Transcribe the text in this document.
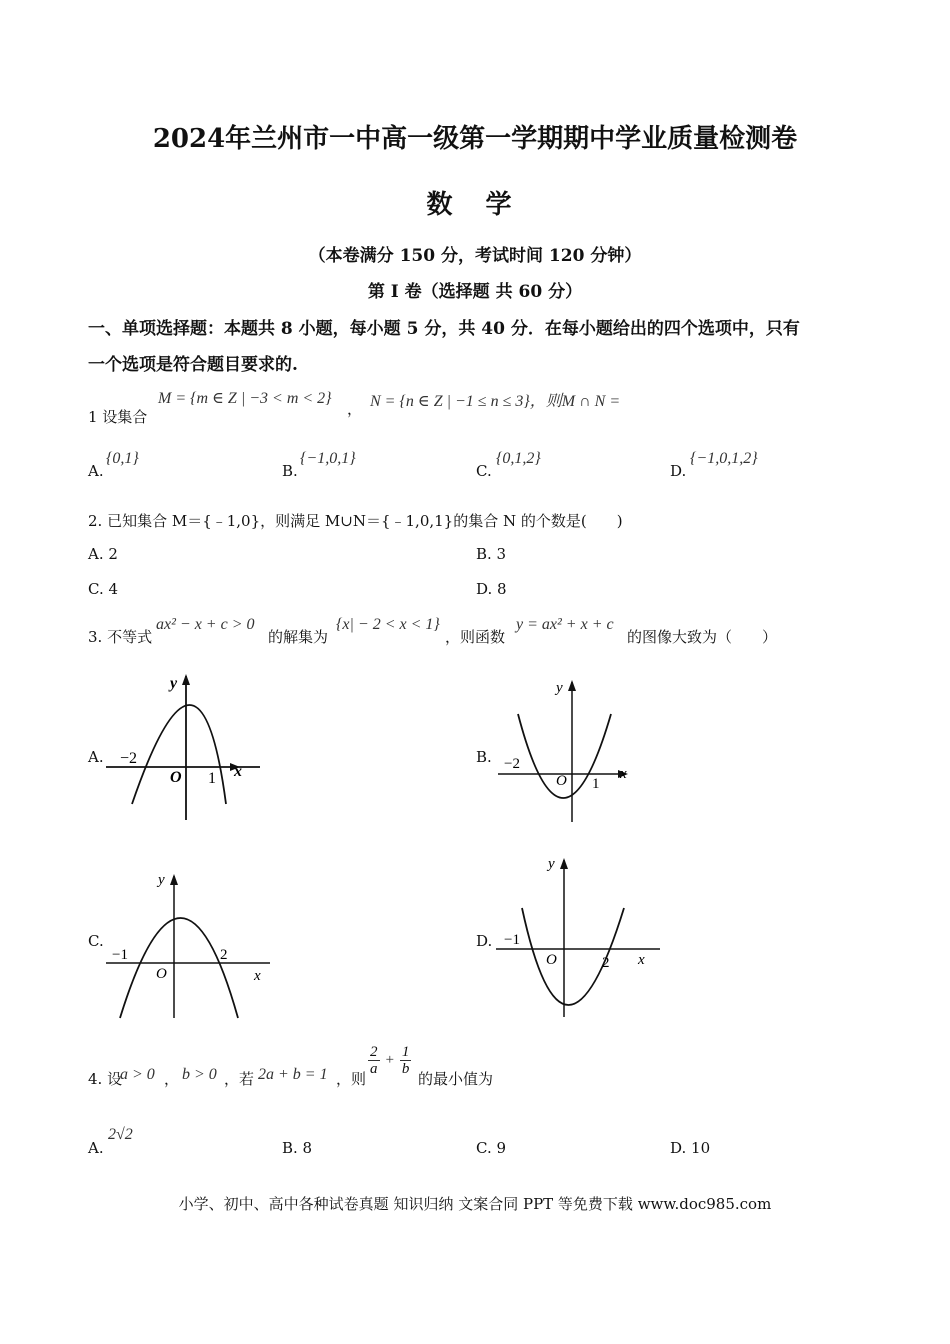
2024年兰州市一中高一级第一学期期中学业质量检测卷
数 学
（本卷满分 150 分，考试时间 120 分钟）
第 I 卷（选择题 共 60 分）
一、单项选择题：本题共 8 小题，每小题 5 分，共 40 分．在每小题给出的四个选项中，只有
一个选项是符合题目要求的.
1 设集合
M = {m ∈ Z | −3 < m < 2}
， N = {n ∈ Z | −1 ≤ n ≤ 3}，则M ∩ N =
A.
{0,1}
B.
{−1,0,1}
C.
{0,1,2}
D.
{−1,0,1,2}
2. 已知集合 M＝{﹣1,0}，则满足 M∪N＝{﹣1,0,1}的集合 N 的个数是(　　)
A. 2	B. 3
C. 4	D. 8
3. 不等式
ax² − x + c > 0
的解集为
{x| − 2 < x < 1}
，则函数
y = ax² + x + c
的图像大致为（　　）
A.
y
x
O
−2
1
B.
y
x
O
−2
1
C.
y
x
O
−1	2
D.
y
x
O
−1
2
4. 设
a > 0 ， b > 0 ，若 2a + b = 1 ，则
$\frac{2}{a} + \frac{1}{b}$
的最小值为
A.
2√2
B. 8	C. 9	D. 10
小学、初中、高中各种试卷真题 知识归纳 文案合同 PPT 等免费下载 www.doc985.com
